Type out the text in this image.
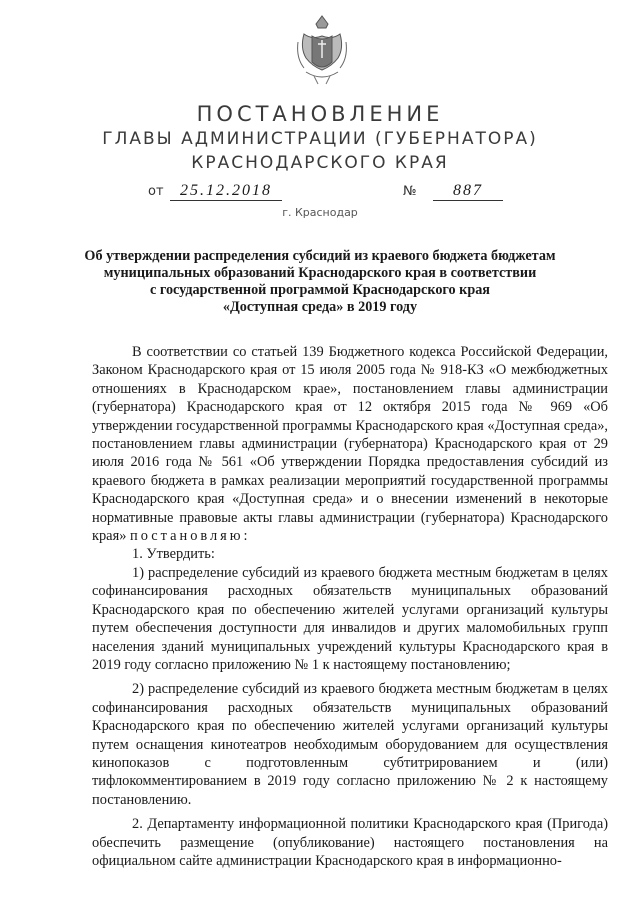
ПОСТАНОВЛЕНИЕ
ГЛАВЫ АДМИНИСТРАЦИИ (ГУБЕРНАТОРА)
КРАСНОДАРСКОГО КРАЯ
от	25.12.2018	№	887
г. Краснодар
Об утверждении распределения субсидий из краевого бюджета бюджетам
муниципальных образований Краснодарского края в соответствии
с государственной программой Краснодарского края
«Доступная среда» в 2019 году

В соответствии со статьей 139 Бюджетного кодекса Российской Федерации, Законом Краснодарского края от 15 июля 2005 года № 918-КЗ «О межбюджетных отношениях в Краснодарском крае», постановлением главы администрации (губернатора) Краснодарского края от 12 октября 2015 года № 969 «Об утверждении государственной программы Краснодарского края «Доступная среда», постановлением главы администрации (губернатора) Краснодарского края от 29 июля 2016 года № 561 «Об утверждении Порядка предоставления субсидий из краевого бюджета в рамках реализации мероприятий государственной программы Краснодарского края «Доступная среда» и о внесении изменений в некоторые нормативные правовые акты главы администрации (губернатора) Краснодарского края» постановляю:

1. Утвердить:

1) распределение субсидий из краевого бюджета местным бюджетам в целях софинансирования расходных обязательств муниципальных образований Краснодарского края по обеспечению жителей услугами организаций культуры путем обеспечения доступности для инвалидов и других маломобильных групп населения зданий муниципальных учреждений культуры Краснодарского края в 2019 году согласно приложению № 1 к настоящему постановлению;

2) распределение субсидий из краевого бюджета местным бюджетам в целях софинансирования расходных обязательств муниципальных образований Краснодарского края по обеспечению жителей услугами организаций культуры путем оснащения кинотеатров необходимым оборудованием для осуществления кинопоказов с подготовленным субтитрированием и (или) тифлокомментированием в 2019 году согласно приложению № 2 к настоящему постановлению.

2. Департаменту информационной политики Краснодарского края (Пригода) обеспечить размещение (опубликование) настоящего постановления на официальном сайте администрации Краснодарского края в информационно-
